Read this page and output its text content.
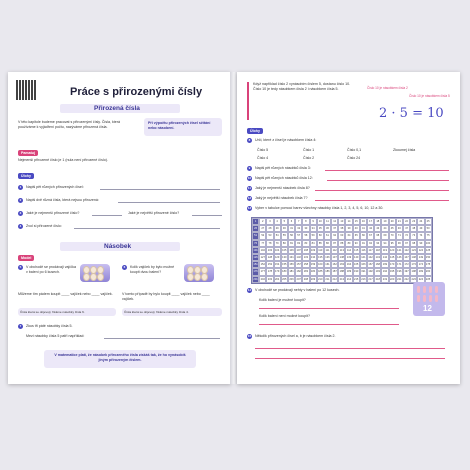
Práce s přirozenými čísly
Přirozená čísla
V této kapitole budeme pracovat s přirozenými čísly. Čísla, která používáme k vyjádření počtu, nazýváme přirozená čísla.
Při výpočtu přirozených čísel sčítání nebo násobení.
Pamatuj
Nejmenší přirozené číslo je 1 (nula není přirozené číslo).
Úlohy
1	Napiš pět různých přirozených čísel:
2	Napiš dvě různá čísla, která nejsou přirozená:
3	Jaké je nejmenší přirozené číslo?	Jaké je největší přirozené číslo?
4	Zvol si přirozené číslo:
Násobek
Model
5	V obchodě se prodávají vajíčka v balení po 6 kusech.
6	Kolik vajíček by bylo možné koupit dvou balení?
Můžeme tím pádem koupit ____ vajíček nebo ____ vajíček.	V tomto případě by bylo koupit ____ vajíček nebo ____ vajíček.
Čísla která se objevují, říkáme násobky čísla 6.	Čísla která se objevují, říkáme násobky čísla 4.
7	Zkus tři páté násobky čísla 5.
Mezi násobky čísla 5 patří například:
V matematice platí, že násobek přirozeného čísla získáš tak, že ho vynásobíš jiným přirozeným číslem.
Když například číslo 2 vynásobím číslem 5, dostanu číslo 10. Číslo 10 je tedy násobkem čísla 2 i násobkem čísla 5.	Číslo 10 je násobkem čísla 2
Číslo 10 je násobkem čísla 5
2 · 5 = 10
Úlohy
8	Urči, které z čísel je násobkem čísla 4:
Číslo 5	Číslo 1	Číslo 0,1	Zkoumej čísla
Číslo 4	Číslo 2	Číslo 24
9	Napiš pět různých násobků čísla 3:
10 Napiš pět různých násobků čísla 12:
11 Jaký je nejmenší násobek čísla 8?
12 Jaký je největší násobek čísla 7?
13 Vyber v tabulce pomocí barev všechny násobky čísla 1, 2, 3, 4, 5, 6, 10, 12 a 30.
1	2	3	4	5	6	7	8	9	10	11	12	13	14	15	16	17	18	19	20	21	22	23	24	25
26	27	28	29	30	31	32	33	34	35	36	37	38	39	40	41	42	43	44	45	46	47	48	49	50
51	52	53	54	55	56	57	58	59	60	61	62	63	64	65	66	67	68	69	70	71	72	73	74	75
76	77	78	79	80	81	82	83	84	85	86	87	88	89	90	91	92	93	94	95	96	97	98	99	100
101	102	103	104	105	106	107	108	109	110	111	112	113	114	115	116	117	118	119	120	121	122	123	124	125
126	127	128	129	130	131	132	133	134	135	136	137	138	139	140	141	142	143	144	145	146	147	148	149	150
151	152	153	154	155	156	157	158	159	160	161	162	163	164	165	166	167	168	169	170	171	172	173	174	175
176	177	178	179	180	181	182	183	184	185	186	187	188	189	190	191	192	193	194	195	196	197	198	199	200
201	202	203	204	205	206	207	208	209	210	211	212	213	214	215	216	217	218	219	220	221	222	223	224	225
14 V obchodě se prodávají nehty v balení po 12 kusech.
Kolik balení je možné koupit?
Kolik balení není možné koupit?
12
15 Několik přirozených čísel a, b je násobkem čísla 2.
